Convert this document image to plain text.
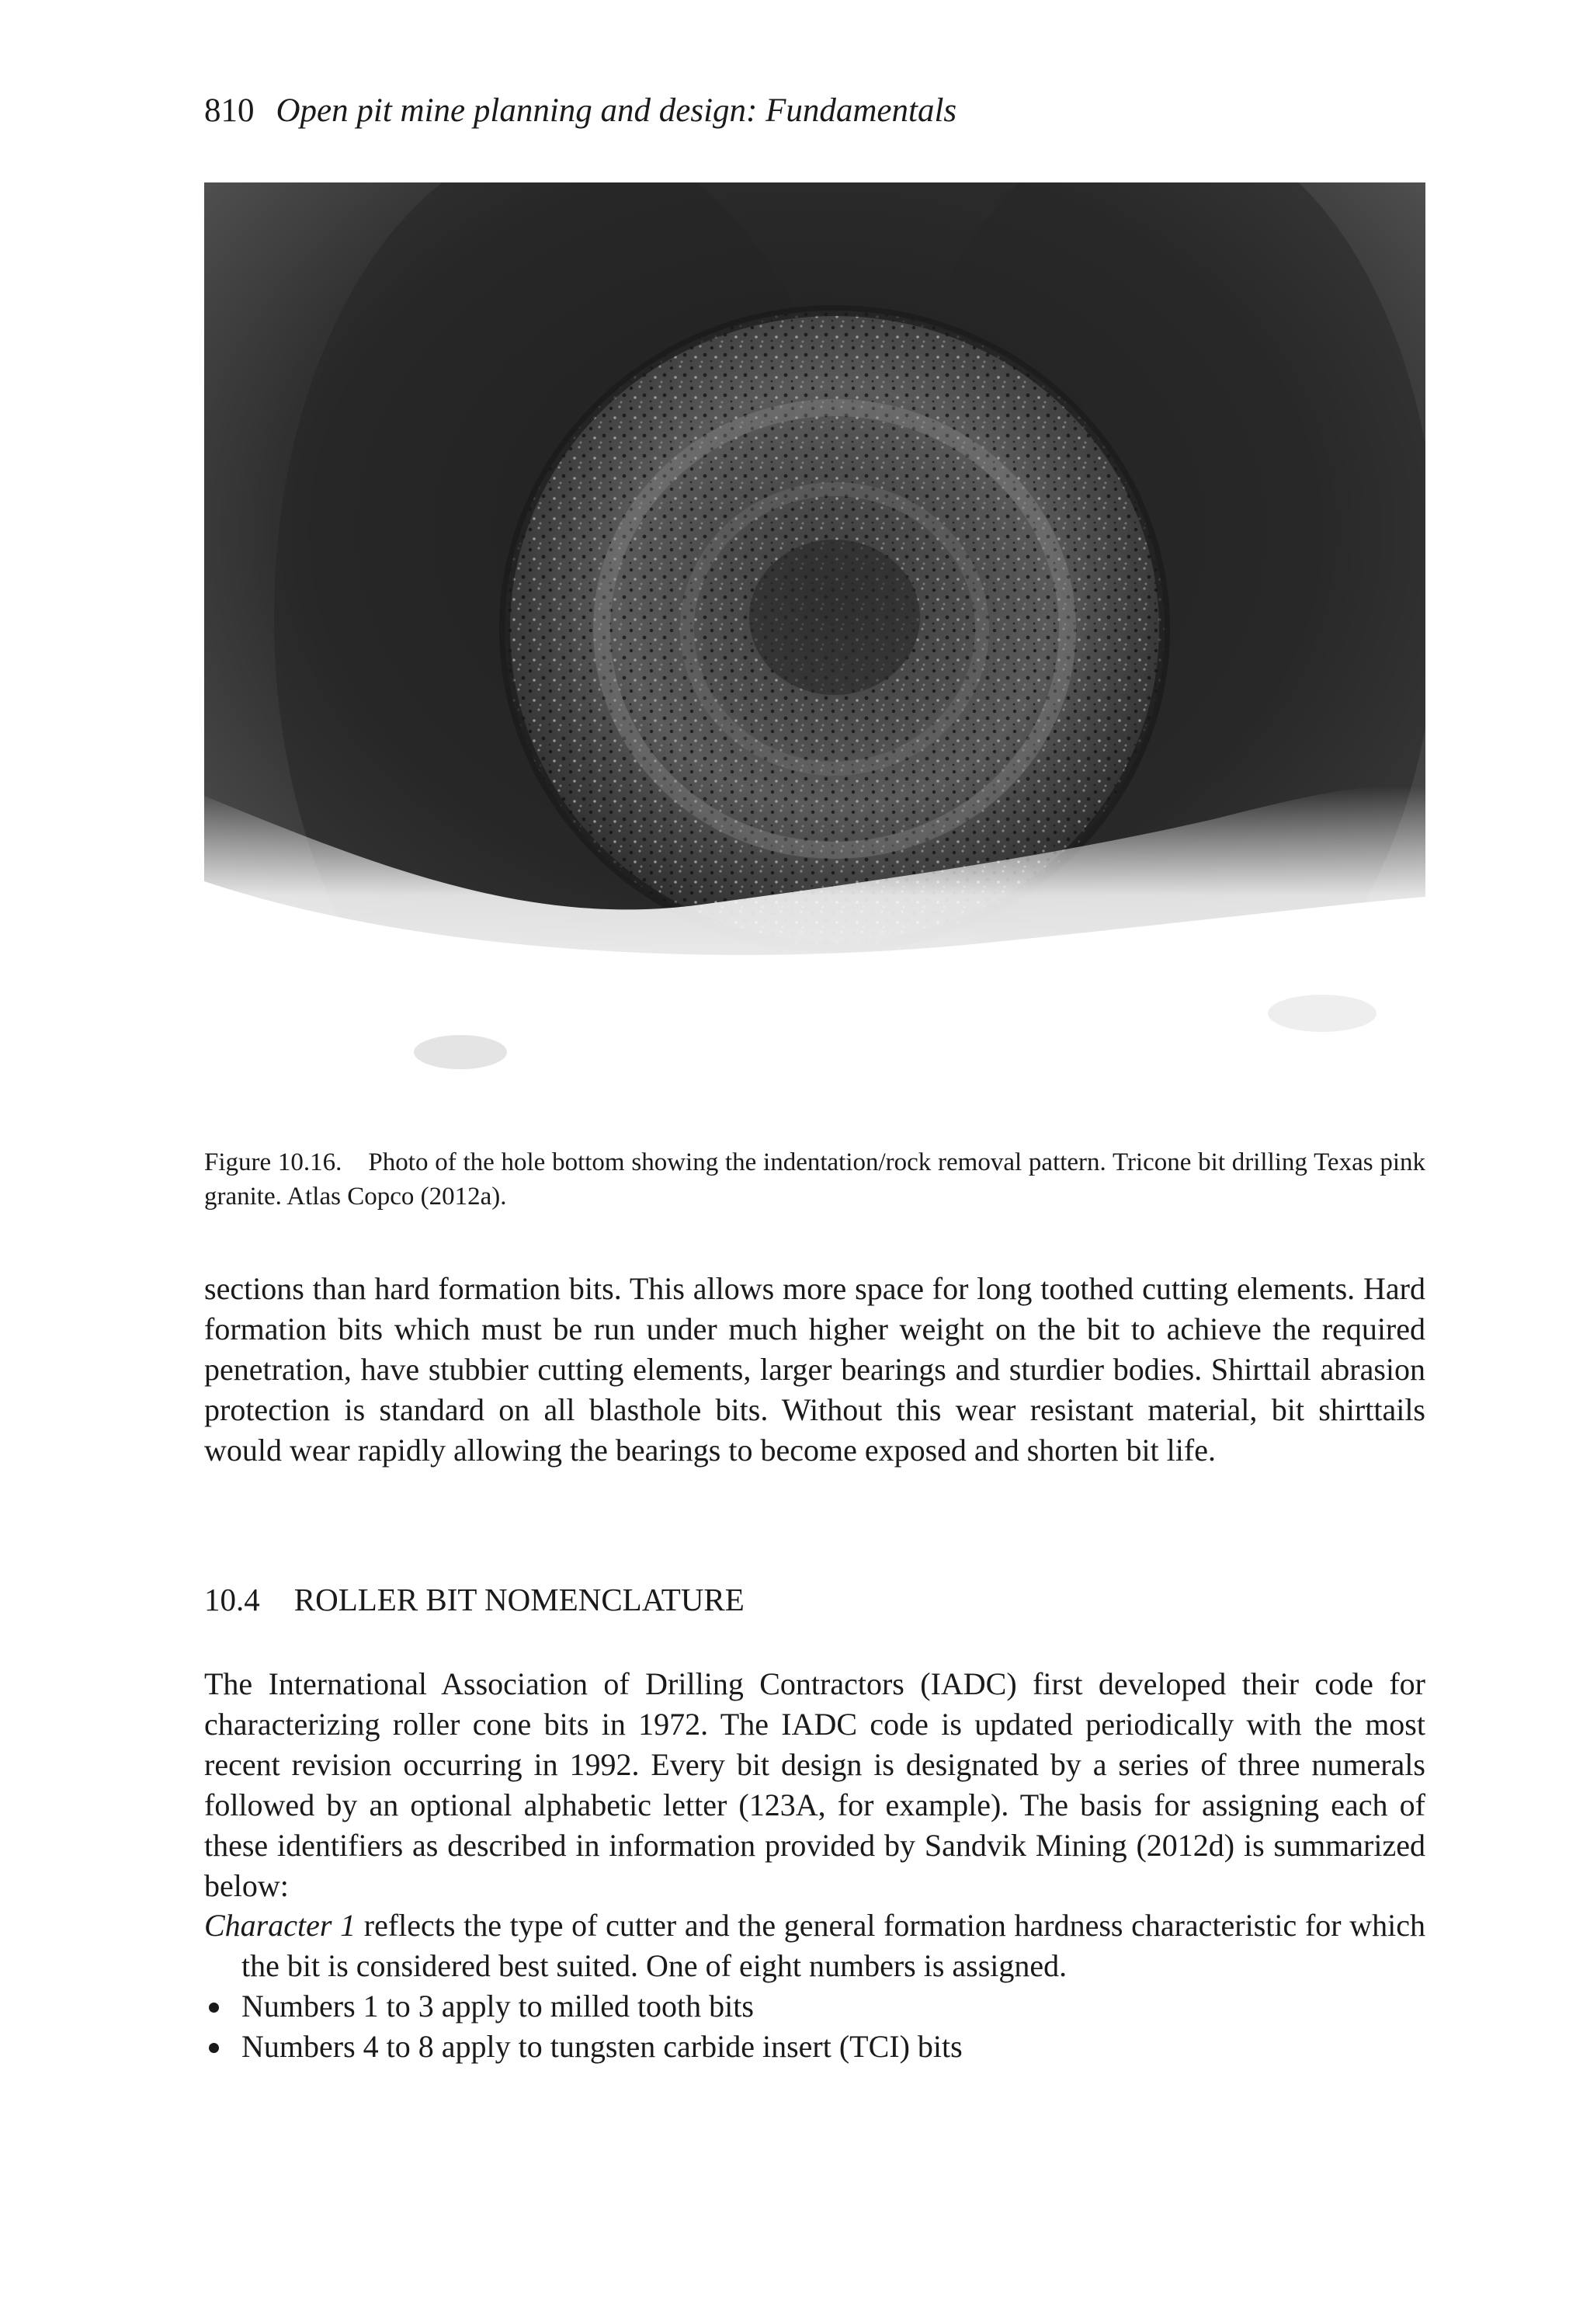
810 Open pit mine planning and design: Fundamentals
Figure 10.16. Photo of the hole bottom showing the indentation/rock removal pattern. Tricone bit drilling Texas pink granite. Atlas Copco (2012a).

sections than hard formation bits. This allows more space for long toothed cutting elements. Hard formation bits which must be run under much higher weight on the bit to achieve the required penetration, have stubbier cutting elements, larger bearings and sturdier bodies. Shirttail abrasion protection is standard on all blasthole bits. Without this wear resistant material, bit shirttails would wear rapidly allowing the bearings to become exposed and shorten bit life.

10.4 ROLLER BIT NOMENCLATURE

The International Association of Drilling Contractors (IADC) first developed their code for characterizing roller cone bits in 1972. The IADC code is updated periodically with the most recent revision occurring in 1992. Every bit design is designated by a series of three numerals followed by an optional alphabetic letter (123A, for example). The basis for assigning each of these identifiers as described in information provided by Sandvik Mining (2012d) is summarized below:

Character 1 reflects the type of cutter and the general formation hardness characteristic for which the bit is considered best suited. One of eight numbers is assigned.
Numbers 1 to 3 apply to milled tooth bits
Numbers 4 to 8 apply to tungsten carbide insert (TCI) bits
